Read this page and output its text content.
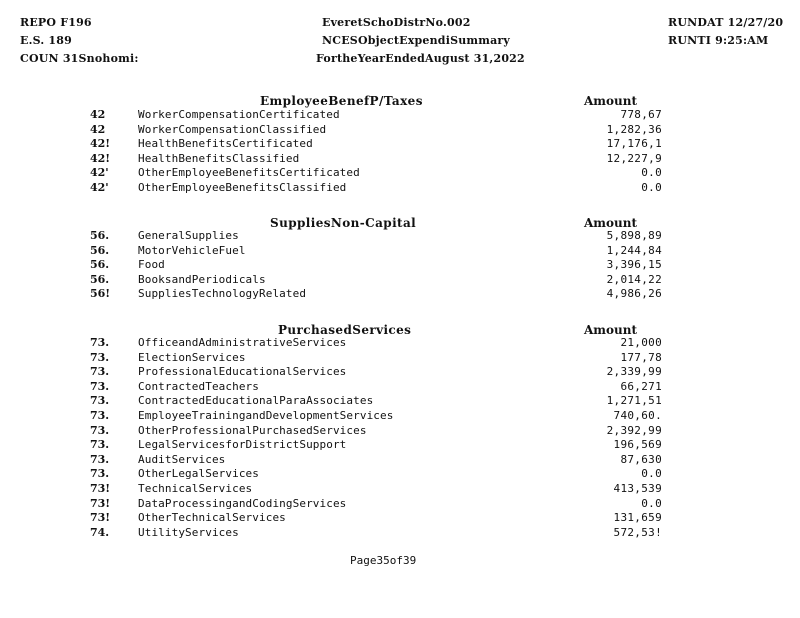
REPO F196
E.S. 189
COUN 31Snohomi:
EveretSchoDistrNo.002
NCESObjectExpendiSummary
FortheYearEndedAugust 31,2022
RUNDAT 12/27/20
RUNTI 9:25:AM
EmployeeBenefP/Taxes	Amount
42	WorkerCompensationCertificated	778,67
42	WorkerCompensationClassified	1,282,36
42!	HealthBenefitsCertificated	17,176,1
42!	HealthBenefitsClassified	12,227,9
42'	OtherEmployeeBenefitsCertificated	0.0
42'	OtherEmployeeBenefitsClassified	0.0
SuppliesNon-Capital	Amount
56.	GeneralSupplies	5,898,89
56.	MotorVehicleFuel	1,244,84
56.	Food	3,396,15
56.	BooksandPeriodicals	2,014,22
56!	SuppliesTechnologyRelated	4,986,26
PurchasedServices	Amount
73.	OfficeandAdministrativeServices	21,000
73.	ElectionServices	177,78
73.	ProfessionalEducationalServices	2,339,99
73.	ContractedTeachers	66,271
73.	ContractedEducationalParaAssociates	1,271,51
73.	EmployeeTrainingandDevelopmentServices	740,60.
73.	OtherProfessionalPurchasedServices	2,392,99
73.	LegalServicesforDistrictSupport	196,569
73.	AuditServices	87,630
73.	OtherLegalServices	0.0
73!	TechnicalServices	413,539
73!	DataProcessingandCodingServices	0.0
73!	OtherTechnicalServices	131,659
74.	UtilityServices	572,53!
Page35of39
